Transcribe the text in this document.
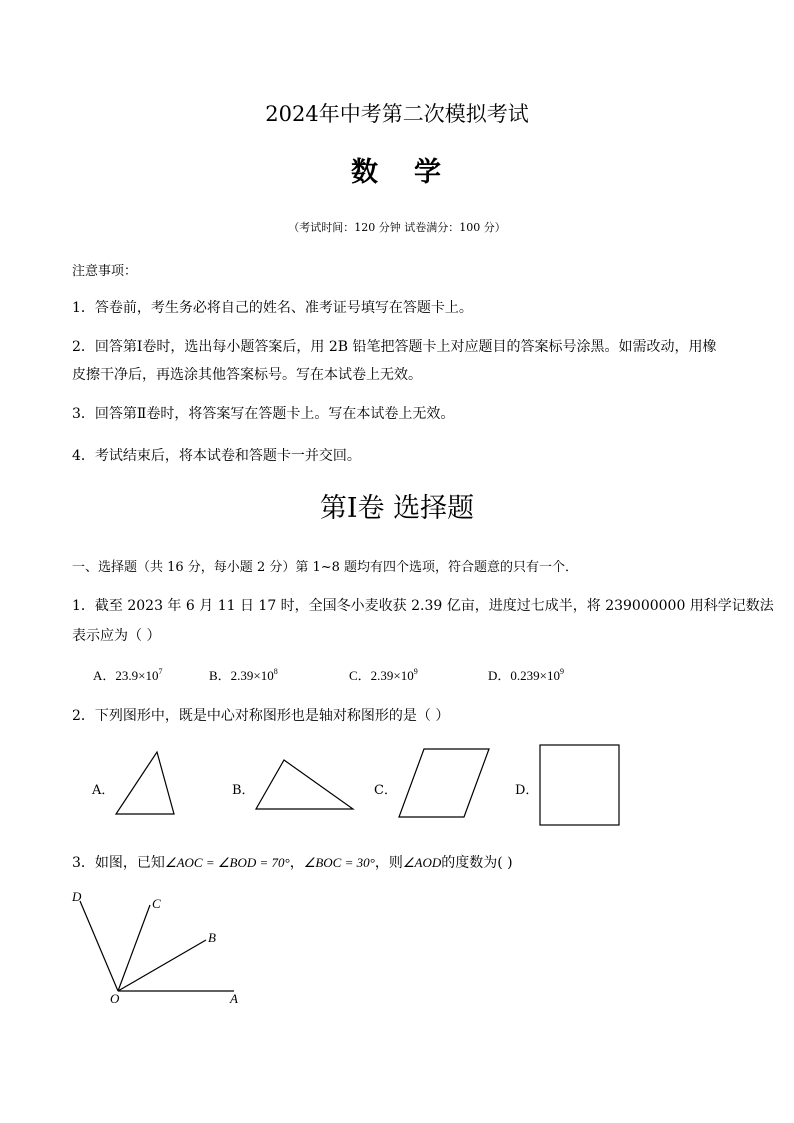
2024年中考第二次模拟考试
数 学
（考试时间：120 分钟 试卷满分：100 分）
注意事项：
1．答卷前，考生务必将自己的姓名、准考证号填写在答题卡上。
2．回答第Ⅰ卷时，选出每小题答案后，用 2B 铅笔把答题卡上对应题目的答案标号涂黑。如需改动，用橡
皮擦干净后，再选涂其他答案标号。写在本试卷上无效。
3．回答第Ⅱ卷时，将答案写在答题卡上。写在本试卷上无效。
4．考试结束后，将本试卷和答题卡一并交回。
第Ⅰ卷 选择题
一、选择题（共 16 分，每小题 2 分）第 1~8 题均有四个选项，符合题意的只有一个．
1．截至 2023 年 6 月 11 日 17 时，全国冬小麦收获 2.39 亿亩，进度过七成半，将 239000000 用科学记数法
表示应为（ ）
A．$23.9\times 10^7$	B．$2.39\times 10^8$	C．$2.39\times 10^9$	D．$0.239\times 10^9$
2．下列图形中，既是中心对称图形也是轴对称图形的是（ ）
A．	B．	C．	D．
3．如图，已知∠AOC = ∠BOD = 70°，∠BOC = 30°，则∠AOD的度数为( )
D	C
B
O	A
